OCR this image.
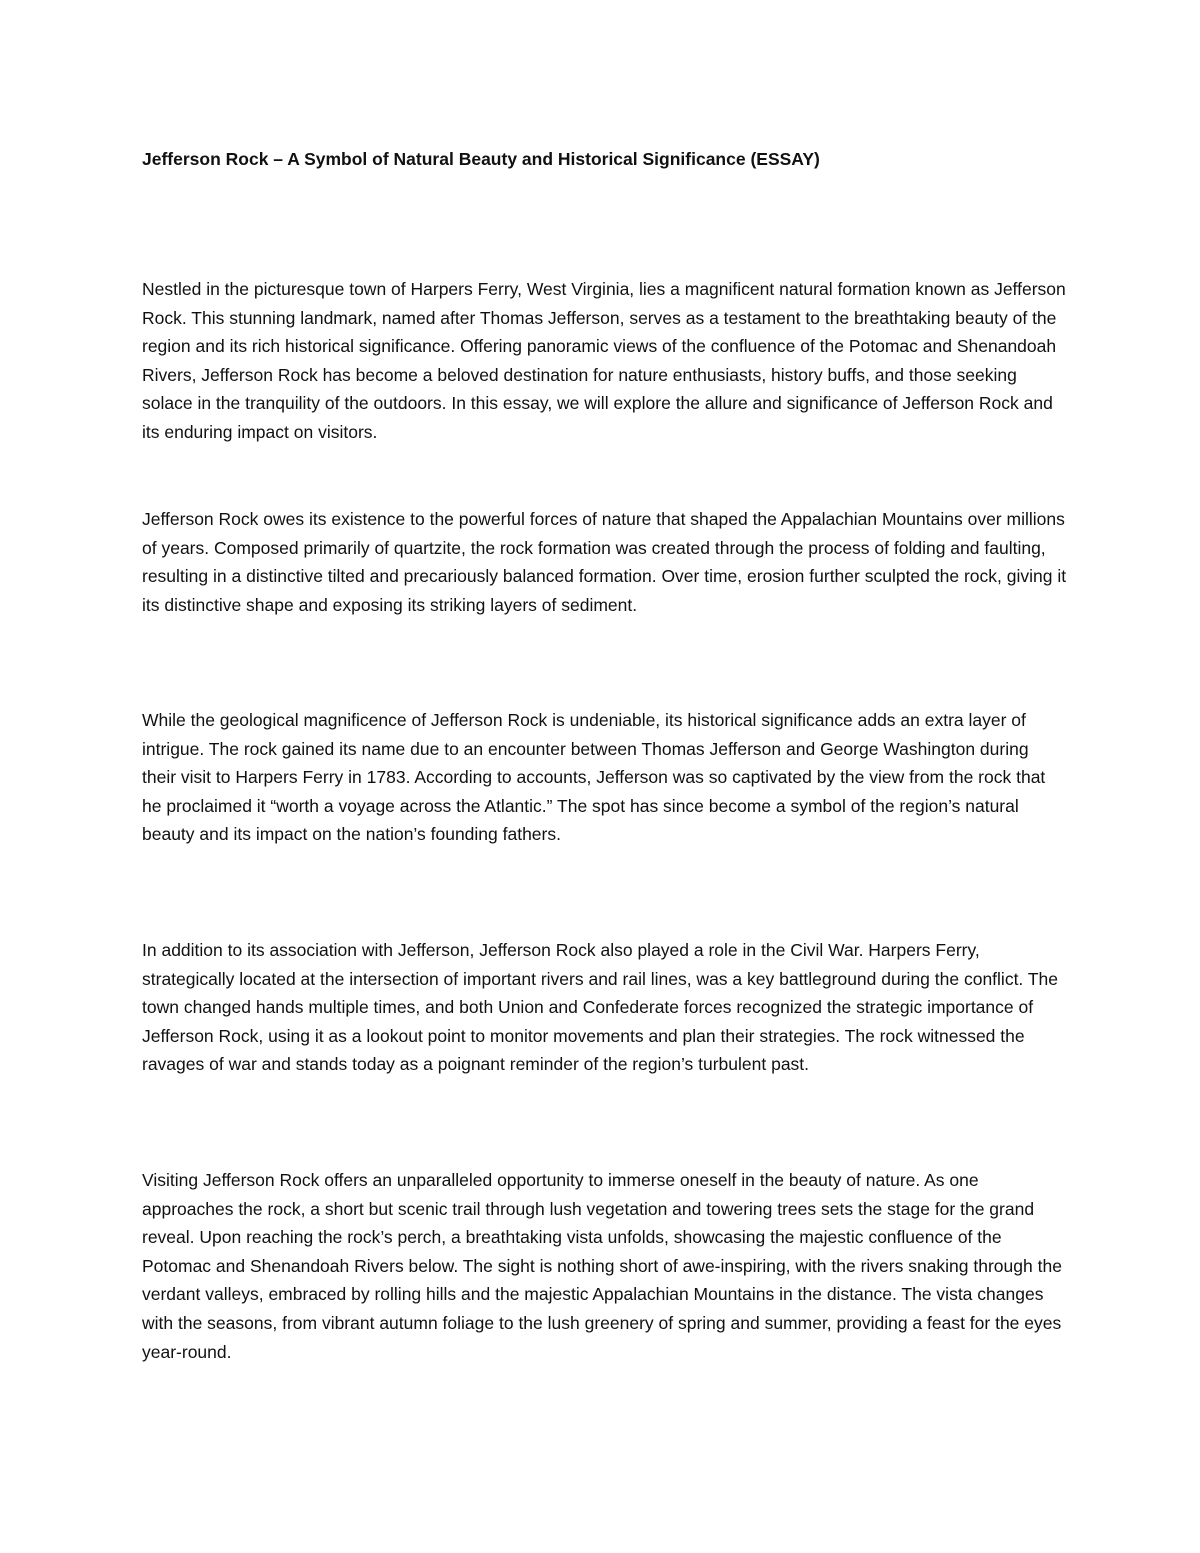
Jefferson Rock – A Symbol of Natural Beauty and Historical Significance (ESSAY)

Nestled in the picturesque town of Harpers Ferry, West Virginia, lies a magnificent natural formation known as Jefferson Rock. This stunning landmark, named after Thomas Jefferson, serves as a testament to the breathtaking beauty of the region and its rich historical significance. Offering panoramic views of the confluence of the Potomac and Shenandoah Rivers, Jefferson Rock has become a beloved destination for nature enthusiasts, history buffs, and those seeking solace in the tranquility of the outdoors. In this essay, we will explore the allure and significance of Jefferson Rock and its enduring impact on visitors.

Jefferson Rock owes its existence to the powerful forces of nature that shaped the Appalachian Mountains over millions of years. Composed primarily of quartzite, the rock formation was created through the process of folding and faulting, resulting in a distinctive tilted and precariously balanced formation. Over time, erosion further sculpted the rock, giving it its distinctive shape and exposing its striking layers of sediment.

While the geological magnificence of Jefferson Rock is undeniable, its historical significance adds an extra layer of intrigue. The rock gained its name due to an encounter between Thomas Jefferson and George Washington during their visit to Harpers Ferry in 1783. According to accounts, Jefferson was so captivated by the view from the rock that he proclaimed it “worth a voyage across the Atlantic.” The spot has since become a symbol of the region’s natural beauty and its impact on the nation’s founding fathers.

In addition to its association with Jefferson, Jefferson Rock also played a role in the Civil War. Harpers Ferry, strategically located at the intersection of important rivers and rail lines, was a key battleground during the conflict. The town changed hands multiple times, and both Union and Confederate forces recognized the strategic importance of Jefferson Rock, using it as a lookout point to monitor movements and plan their strategies. The rock witnessed the ravages of war and stands today as a poignant reminder of the region’s turbulent past.

Visiting Jefferson Rock offers an unparalleled opportunity to immerse oneself in the beauty of nature. As one approaches the rock, a short but scenic trail through lush vegetation and towering trees sets the stage for the grand reveal. Upon reaching the rock’s perch, a breathtaking vista unfolds, showcasing the majestic confluence of the Potomac and Shenandoah Rivers below. The sight is nothing short of awe-inspiring, with the rivers snaking through the verdant valleys, embraced by rolling hills and the majestic Appalachian Mountains in the distance. The vista changes with the seasons, from vibrant autumn foliage to the lush greenery of spring and summer, providing a feast for the eyes year-round.
